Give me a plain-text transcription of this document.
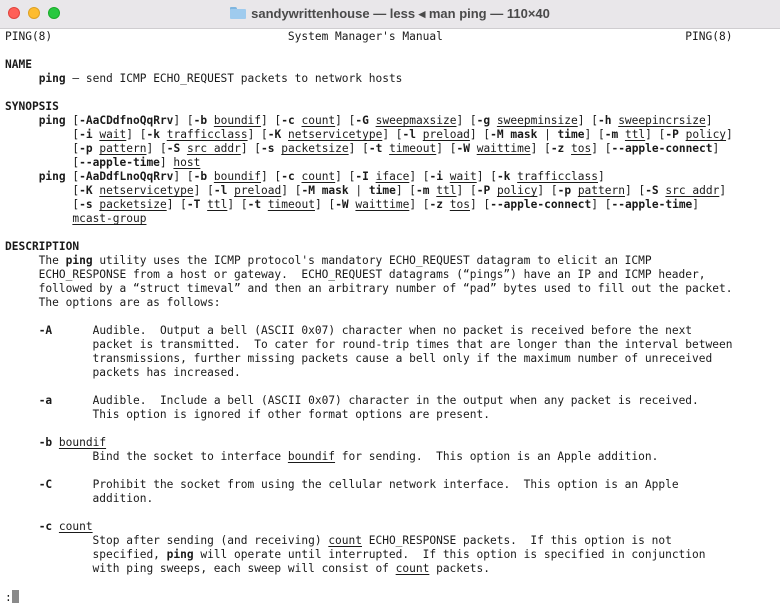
sandywrittenhouse — less ◂ man ping — 110×40
PING(8)                                   System Manager's Manual                                    PING(8)
NAME
ping – send ICMP ECHO_REQUEST packets to network hosts
SYNOPSIS
ping [-AaCDdfnoQqRrv] [-b boundif] [-c count] [-G sweepmaxsize] [-g sweepminsize] [-h sweepincrsize]
[-i wait] [-k trafficclass] [-K netservicetype] [-l preload] [-M mask | time] [-m ttl] [-P policy]
[-p pattern] [-S src_addr] [-s packetsize] [-t timeout] [-W waittime] [-z tos] [--apple-connect]
[--apple-time] host
ping [-AaDdfLnoQqRrv] [-b boundif] [-c count] [-I iface] [-i wait] [-k trafficclass]
[-K netservicetype] [-l preload] [-M mask | time] [-m ttl] [-P policy] [-p pattern] [-S src_addr]
[-s packetsize] [-T ttl] [-t timeout] [-W waittime] [-z tos] [--apple-connect] [--apple-time]
mcast-group
DESCRIPTION
The ping utility uses the ICMP protocol's mandatory ECHO_REQUEST datagram to elicit an ICMP
ECHO_RESPONSE from a host or gateway.  ECHO_REQUEST datagrams (“pings”) have an IP and ICMP header,
followed by a “struct timeval” and then an arbitrary number of “pad” bytes used to fill out the packet.
The options are as follows:
-A      Audible.  Output a bell (ASCII 0x07) character when no packet is received before the next
packet is transmitted.  To cater for round-trip times that are longer than the interval between
transmissions, further missing packets cause a bell only if the maximum number of unreceived
packets has increased.
-a      Audible.  Include a bell (ASCII 0x07) character in the output when any packet is received.
This option is ignored if other format options are present.
-b boundif
Bind the socket to interface boundif for sending.  This option is an Apple addition.
-C      Prohibit the socket from using the cellular network interface.  This option is an Apple
addition.
-c count
Stop after sending (and receiving) count ECHO_RESPONSE packets.  If this option is not
specified, ping will operate until interrupted.  If this option is specified in conjunction
with ping sweeps, each sweep will consist of count packets.
:
